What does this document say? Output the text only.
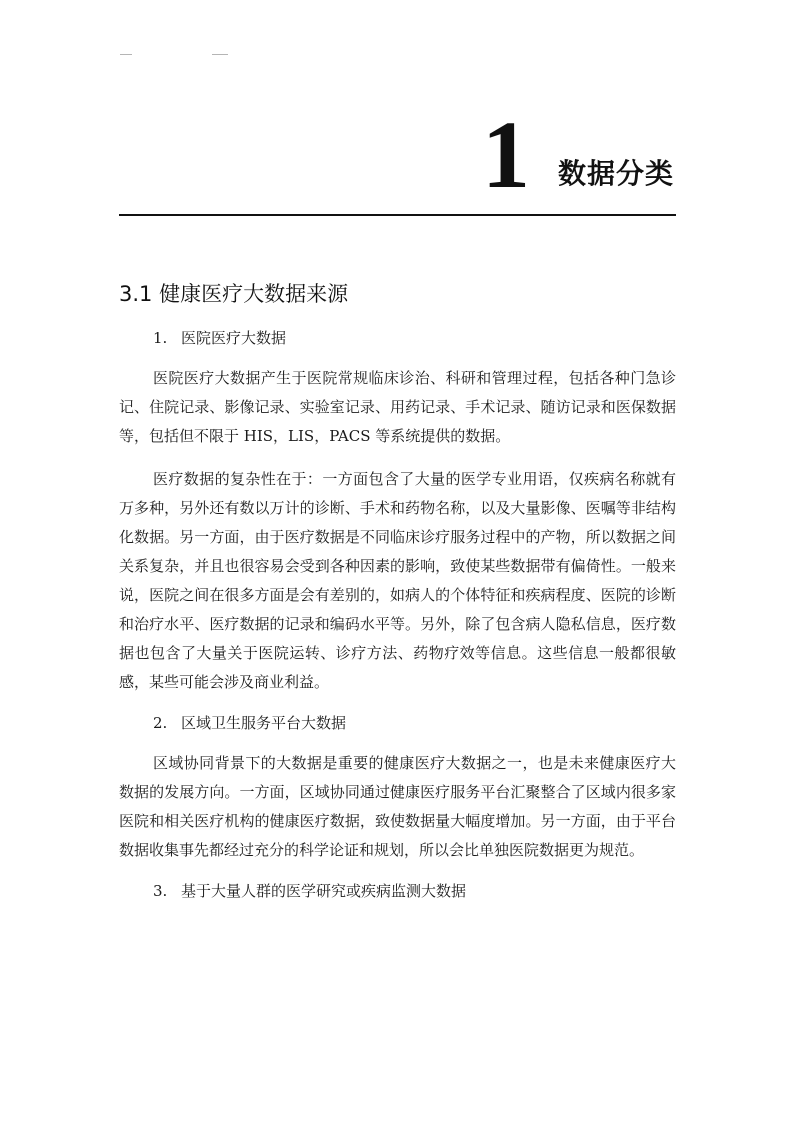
1 数据分类
3.1 健康医疗大数据来源

1. 医院医疗大数据

医院医疗大数据产生于医院常规临床诊治、科研和管理过程，包括各种门急诊记、住院记录、影像记录、实验室记录、用药记录、手术记录、随访记录和医保数据等，包括但不限于 HIS，LIS，PACS 等系统提供的数据。

医疗数据的复杂性在于：一方面包含了大量的医学专业用语，仅疾病名称就有万多种，另外还有数以万计的诊断、手术和药物名称，以及大量影像、医嘱等非结构化数据。另一方面，由于医疗数据是不同临床诊疗服务过程中的产物，所以数据之间关系复杂，并且也很容易会受到各种因素的影响，致使某些数据带有偏倚性。一般来说，医院之间在很多方面是会有差别的，如病人的个体特征和疾病程度、医院的诊断和治疗水平、医疗数据的记录和编码水平等。另外，除了包含病人隐私信息，医疗数据也包含了大量关于医院运转、诊疗方法、药物疗效等信息。这些信息一般都很敏感，某些可能会涉及商业利益。

2. 区域卫生服务平台大数据

区域协同背景下的大数据是重要的健康医疗大数据之一，也是未来健康医疗大数据的发展方向。一方面，区域协同通过健康医疗服务平台汇聚整合了区域内很多家医院和相关医疗机构的健康医疗数据，致使数据量大幅度增加。另一方面，由于平台数据收集事先都经过充分的科学论证和规划，所以会比单独医院数据更为规范。

3. 基于大量人群的医学研究或疾病监测大数据
